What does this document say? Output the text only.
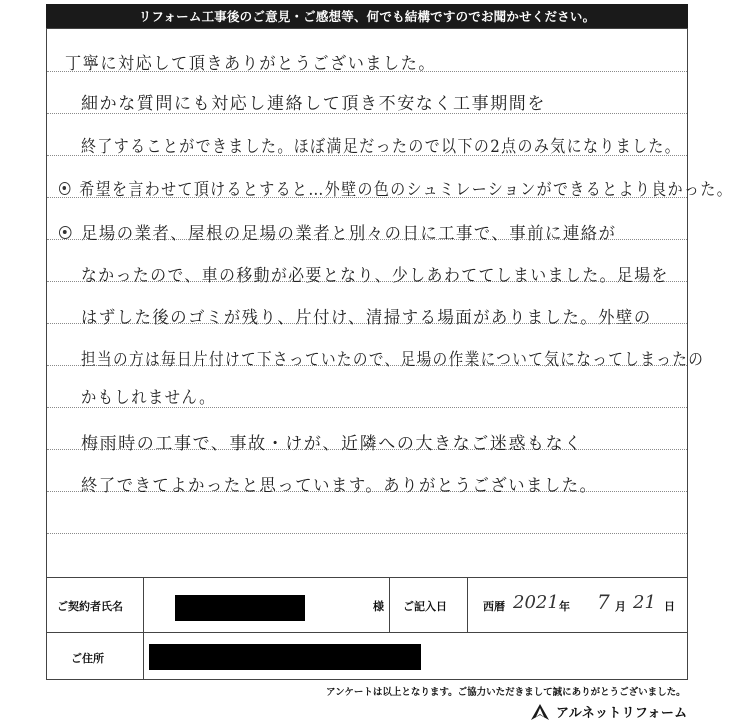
リフォーム工事後のご意見・ご感想等、何でも結構ですのでお聞かせください。
丁寧に対応して頂きありがとうございました。
細かな質問にも対応し連絡して頂き不安なく工事期間を
終了することができました。ほぼ満足だったので以下の2点のみ気になりました。
希望を言わせて頂けるとすると…外壁の色のシュミレーションができるとより良かった。
足場の業者、屋根の足場の業者と別々の日に工事で、事前に連絡が
なかったので、車の移動が必要となり、少しあわててしまいました。足場を
はずした後のゴミが残り、片付け、清掃する場面がありました。外壁の
担当の方は毎日片付けて下さっていたので、足場の作業について気になってしまったの
かもしれません。
梅雨時の工事で、事故・けが、近隣への大きなご迷惑もなく
終了できてよかったと思っています。ありがとうございました。
ご契約者氏名	様 ご記入日	西暦 2021 年 7 月 21 日
ご住所
アンケートは以上となります。ご協力いただきまして誠にありがとうございました。
アルネットリフォーム
